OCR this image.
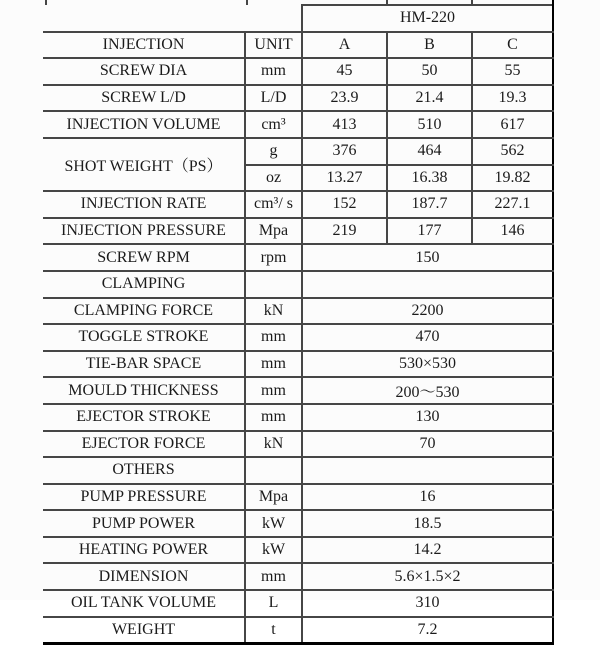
		HM-220		
INJECTION	UNIT	A	B	C
SCREW DIA	mm	45	50	55
SCREW L/D	L/D	23.9	21.4	19.3
INJECTION VOLUME	cm³	413	510	617
SHOT WEIGHT（PS）	g	376	464	562
	oz	13.27	16.38	19.82
INJECTION RATE	cm³/ s	152	187.7	227.1
INJECTION PRESSURE	Mpa	219	177	146
SCREW RPM	rpm	150		
CLAMPING				
CLAMPING FORCE	kN	2200		
TOGGLE STROKE	mm	470		
TIE-BAR SPACE	mm	530×530		
MOULD THICKNESS	mm	200～530		
EJECTOR STROKE	mm	130		
EJECTOR FORCE	kN	70		
OTHERS				
PUMP PRESSURE	Mpa	16		
PUMP POWER	kW	18.5		
HEATING POWER	kW	14.2		
DIMENSION	mm	5.6×1.5×2		
OIL TANK VOLUME	L	310		
WEIGHT	t	7.2		
